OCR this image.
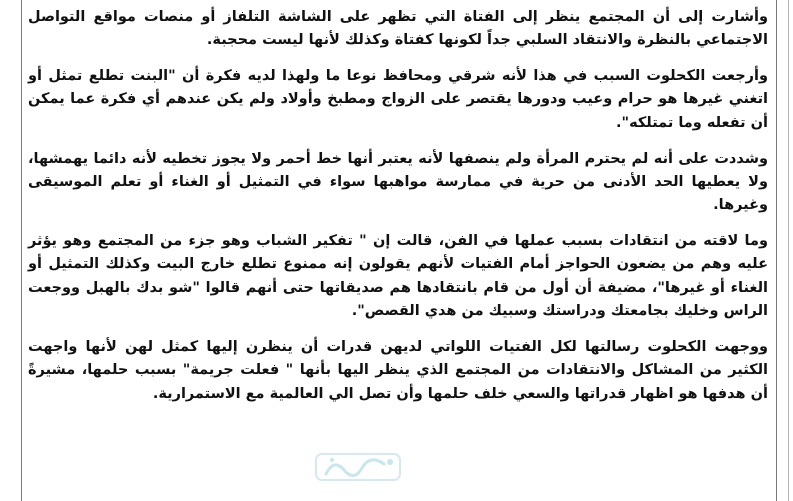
وأشارت إلى أن المجتمع ينظر إلى الفتاة التي تظهر على الشاشة التلفاز أو منصات مواقع التواصل الاجتماعي بالنظرة والانتقاد السلبي جداً لكونها كفتاة وكذلك لأنها ليست محجبة.

وأرجعت الكحلوت السبب في هذا لأنه شرقي ومحافظ نوعا ما ولهذا لديه فكرة أن "البنت تطلع تمثل أو اتغني غيرها هو حرام وعيب ودورها يقتصر على الزواج ومطبخ وأولاد ولم يكن عندهم أي فكرة عما يمكن أن تفعله وما تمتلكه".

وشددت على أنه لم يحترم المرأة ولم ينصفها لأنه يعتبر أنها خط أحمر ولا يجوز تخطيه لأنه دائما يهمشها، ولا يعطيها الحد الأدنى من حرية في ممارسة مواهبها سواء في التمثيل أو الغناء أو تعلم الموسيقى وغيرها.

وما لاقته من انتقادات بسبب عملها في الفن، قالت إن " تفكير الشباب وهو جزء من المجتمع وهو يؤثر عليه وهم من يضعون الحواجز أمام الفتيات لأنهم يقولون إنه ممنوع تطلع خارج البيت وكذلك التمثيل أو الغناء أو غيرها"، مضيفة أن أول من قام بانتقادها هم صديقاتها حتى أنهم قالوا "شو بدك بالهبل ووجعت الراس وخليك بجامعتك ودراستك وسبيك من هدي القصص".

ووجهت الكحلوت رسالتها لكل الفتيات اللواتي لديهن قدرات أن ينظرن إليها كمثل لهن لأنها واجهت الكثير من المشاكل والانتقادات من المجتمع الذي ينظر اليها بأنها " فعلت جريمة" بسبب حلمها، مشيرةً أن هدفها هو اظهار قدراتها والسعي خلف حلمها وأن تصل الي العالمية مع الاستمرارية.
